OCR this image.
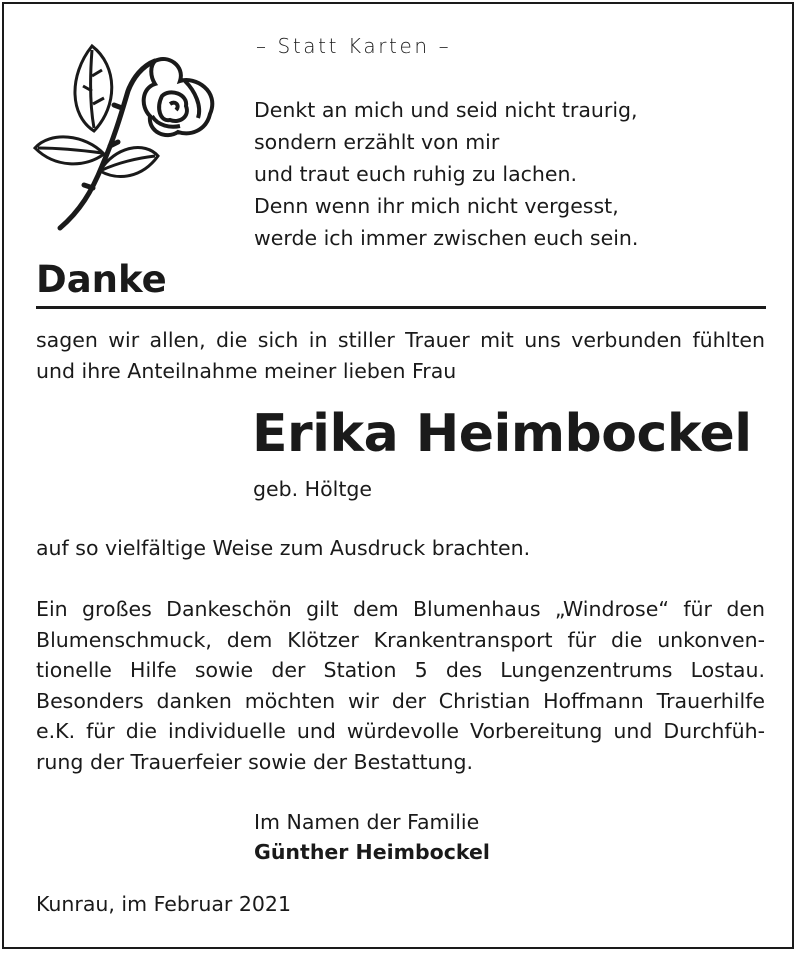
– Statt Karten –
Denkt an mich und seid nicht traurig,
sondern erzählt von mir
und traut euch ruhig zu lachen.
Denn wenn ihr mich nicht vergesst,
werde ich immer zwischen euch sein.
Danke
sagen wir allen, die sich in stiller Trauer mit uns verbunden fühlten
und ihre Anteilnahme meiner lieben Frau
Erika Heimbockel
geb. Höltge
auf so vielfältige Weise zum Ausdruck brachten.
Ein großes Dankeschön gilt dem Blumenhaus „Windrose“ für den
Blumenschmuck, dem Klötzer Krankentransport für die unkonven-
tionelle Hilfe sowie der Station 5 des Lungenzentrums Lostau.
Besonders danken möchten wir der Christian Hoffmann Trauerhilfe
e.K. für die individuelle und würdevolle Vorbereitung und Durchfüh-
rung der Trauerfeier sowie der Bestattung.
Im Namen der Familie
Günther Heimbockel
Kunrau, im Februar 2021
